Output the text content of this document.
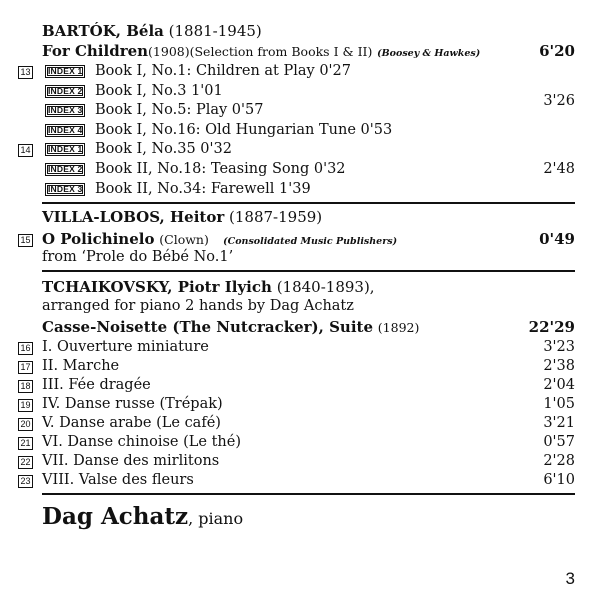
BARTÓK, Béla (1881-1945)
For Children(1908)(Selection from Books I & II) (Boosey & Hawkes)	6'20
13	INDEX 1 Book I, No.1: Children at Play 0'27
INDEX 2 Book I, No.3 1'01
INDEX 3 Book I, No.5: Play 0'57
INDEX 4 Book I, No.16: Old Hungarian Tune 0'53
3'26
14	INDEX 1 Book I, No.35 0'32
INDEX 2 Book II, No.18: Teasing Song 0'32
INDEX 3 Book II, No.34: Farewell 1'39
2'48
VILLA-LOBOS, Heitor (1887-1959)
15 O Polichinelo (Clown) (Consolidated Music Publishers)	0'49
from ‘Prole do Bébé No.1’
TCHAIKOVSKY, Piotr Ilyich (1840-1893),
arranged for piano 2 hands by Dag Achatz
Casse-Noisette (The Nutcracker), Suite (1892)	22'29
16 I. Ouverture miniature	3'23
17 II. Marche	2'38
18 III. Fée dragée	2'04
19 IV. Danse russe (Trépak)	1'05
20 V. Danse arabe (Le café)	3'21
21 VI. Danse chinoise (Le thé)	0'57
22 VII. Danse des mirlitons	2'28
23 VIII. Valse des fleurs	6'10
Dag Achatz, piano
3
